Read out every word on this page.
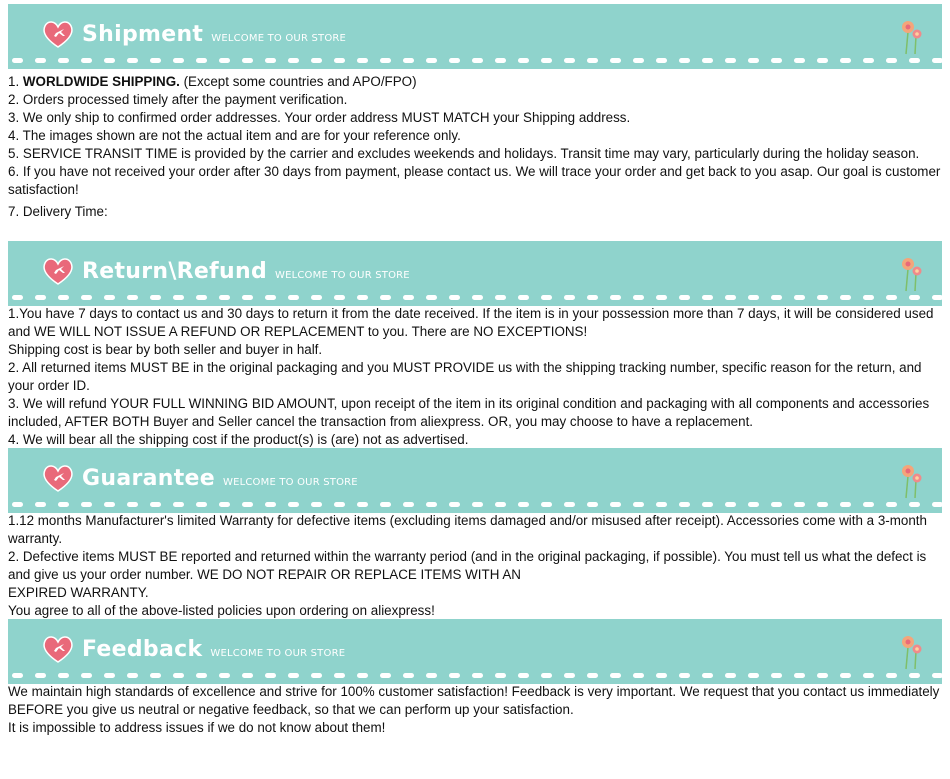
Shipment WELCOME TO OUR STORE

1. WORLDWIDE SHIPPING. (Except some countries and APO/FPO)

2. Orders processed timely after the payment verification.

3. We only ship to confirmed order addresses. Your order address MUST MATCH your Shipping address.

4. The images shown are not the actual item and are for your reference only.

5. SERVICE TRANSIT TIME is provided by the carrier and excludes weekends and holidays. Transit time may vary, particularly during the holiday season.

6. If you have not received your order after 30 days from payment, please contact us. We will trace your order and get back to you asap. Our goal is customer satisfaction!

7. Delivery Time:

Return\Refund WELCOME TO OUR STORE

1.You have 7 days to contact us and 30 days to return it from the date received. If the item is in your possession more than 7 days, it will be considered used and WE WILL NOT ISSUE A REFUND OR REPLACEMENT to you. There are NO EXCEPTIONS!

Shipping cost is bear by both seller and buyer in half.

2. All returned items MUST BE in the original packaging and you MUST PROVIDE us with the shipping tracking number, specific reason for the return, and your order ID.

3. We will refund YOUR FULL WINNING BID AMOUNT, upon receipt of the item in its original condition and packaging with all components and accessories included, AFTER BOTH Buyer and Seller cancel the transaction from aliexpress. OR, you may choose to have a replacement.

4. We will bear all the shipping cost if the product(s) is (are) not as advertised.

Guarantee WELCOME TO OUR STORE

1.12 months Manufacturer's limited Warranty for defective items (excluding items damaged and/or misused after receipt). Accessories come with a 3-month warranty.

2. Defective items MUST BE reported and returned within the warranty period (and in the original packaging, if possible). You must tell us what the defect is and give us your order number. WE DO NOT REPAIR OR REPLACE ITEMS WITH AN

EXPIRED WARRANTY.

You agree to all of the above-listed policies upon ordering on aliexpress!

Feedback WELCOME TO OUR STORE

We maintain high standards of excellence and strive for 100% customer satisfaction! Feedback is very important. We request that you contact us immediately BEFORE you give us neutral or negative feedback, so that we can perform up your satisfaction.

It is impossible to address issues if we do not know about them!
